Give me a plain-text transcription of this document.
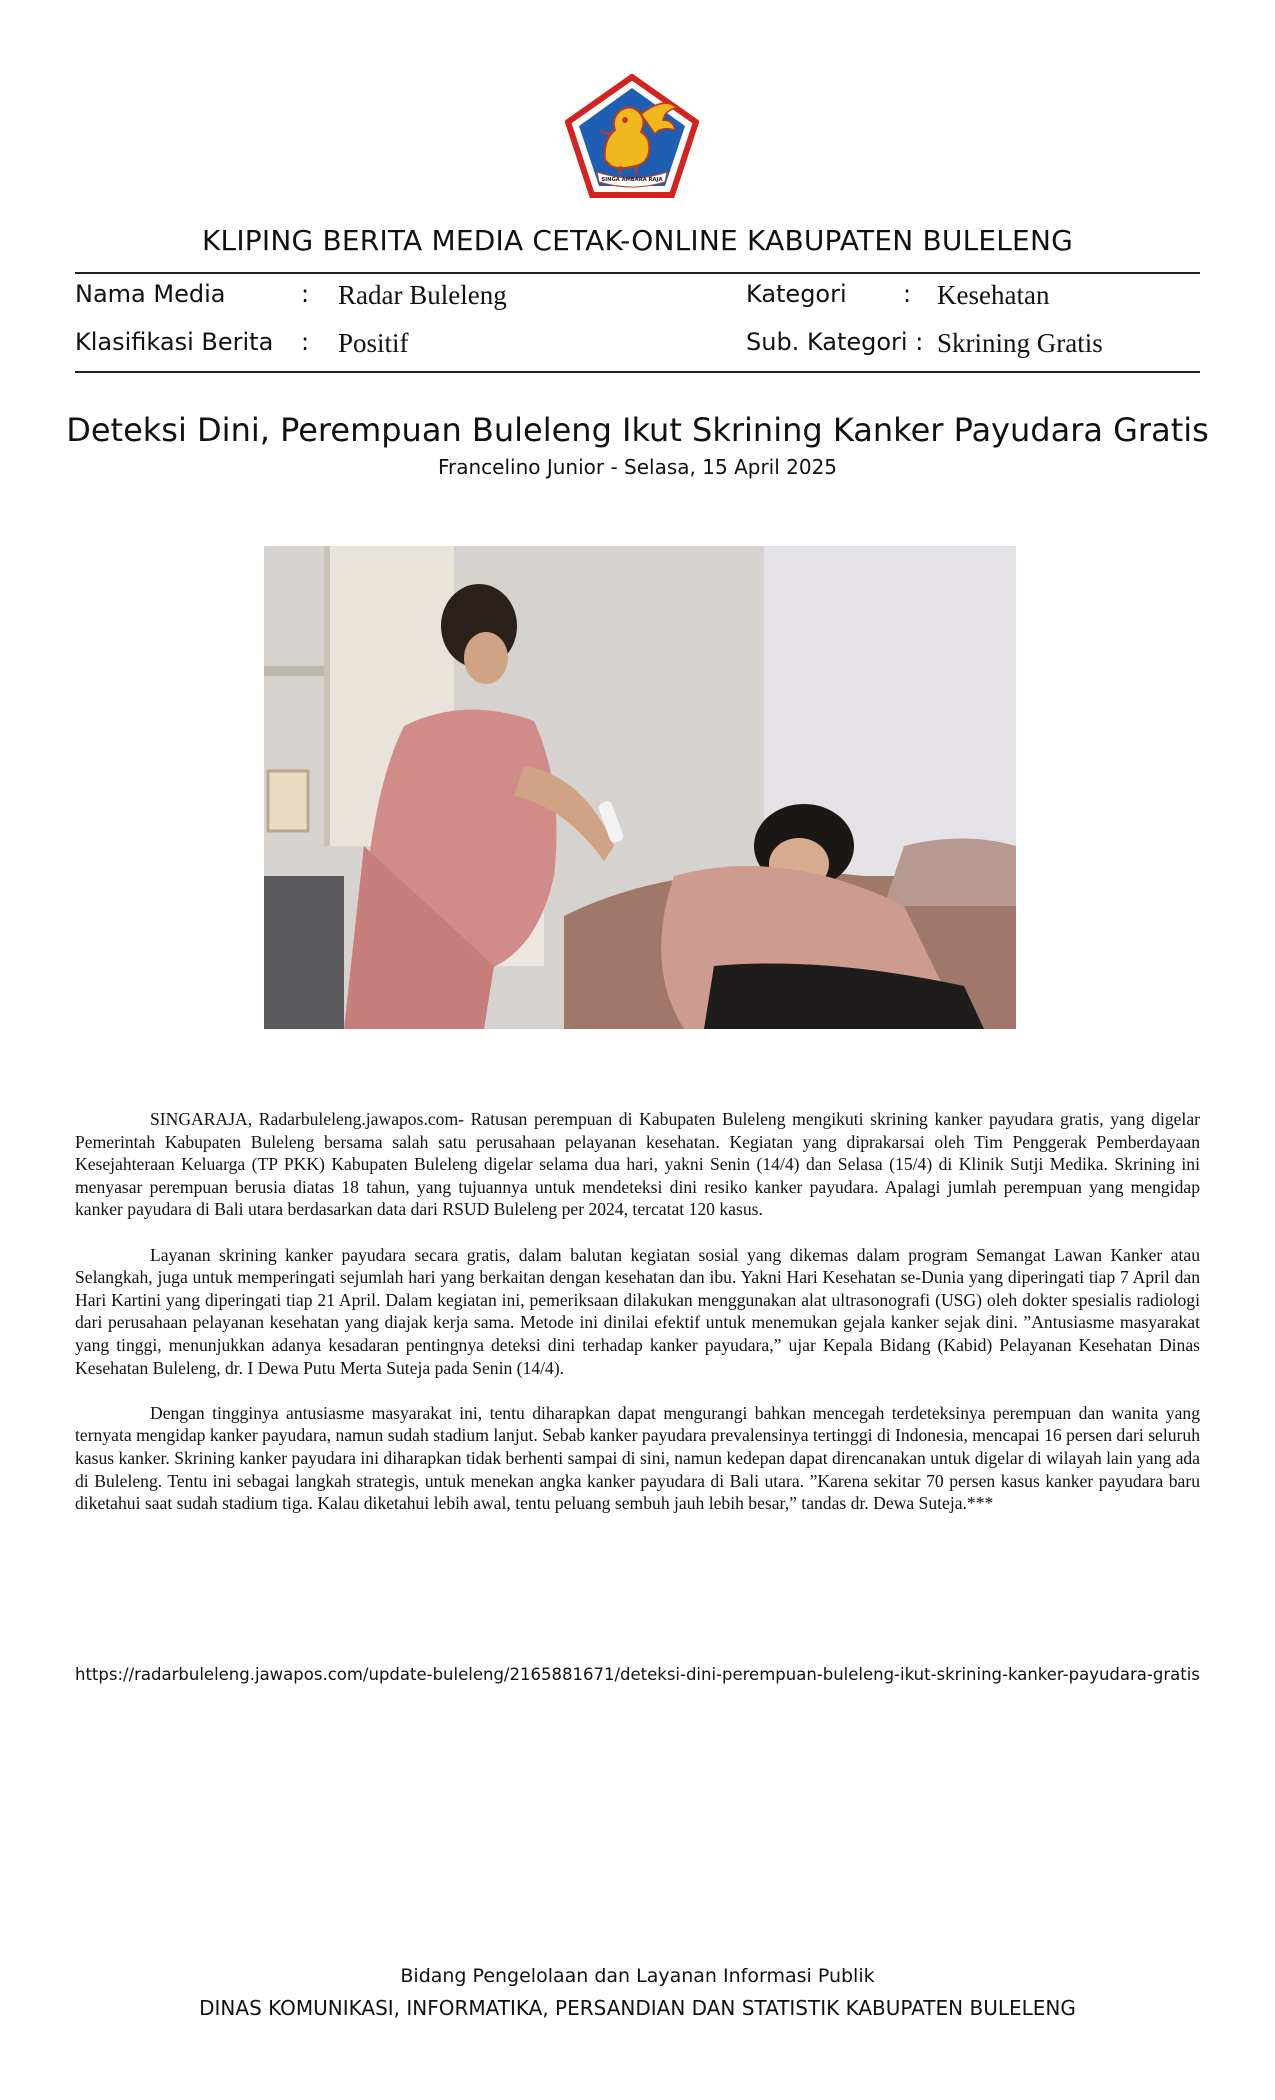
SINGA AMBARA RAJA
KLIPING BERITA MEDIA CETAK-ONLINE KABUPATEN BULELENG
Nama Media	: Radar Buleleng	Kategori : Kesehatan
Klasifikasi Berita : Positif	Sub. Kategori : Skrining Gratis
Deteksi Dini, Perempuan Buleleng Ikut Skrining Kanker Payudara Gratis
Francelino Junior - Selasa, 15 April 2025

SINGARAJA, Radarbuleleng.jawapos.com- Ratusan perempuan di Kabupaten Buleleng mengikuti skrining kanker payudara gratis, yang digelar Pemerintah Kabupaten Buleleng bersama salah satu perusahaan pelayanan kesehatan. Kegiatan yang diprakarsai oleh Tim Penggerak Pemberdayaan Kesejahteraan Keluarga (TP PKK) Kabupaten Buleleng digelar selama dua hari, yakni Senin (14/4) dan Selasa (15/4) di Klinik Sutji Medika. Skrining ini menyasar perempuan berusia diatas 18 tahun, yang tujuannya untuk mendeteksi dini resiko kanker payudara. Apalagi jumlah perempuan yang mengidap kanker payudara di Bali utara berdasarkan data dari RSUD Buleleng per 2024, tercatat 120 kasus.

Layanan skrining kanker payudara secara gratis, dalam balutan kegiatan sosial yang dikemas dalam program Semangat Lawan Kanker atau Selangkah, juga untuk memperingati sejumlah hari yang berkaitan dengan kesehatan dan ibu. Yakni Hari Kesehatan se-Dunia yang diperingati tiap 7 April dan Hari Kartini yang diperingati tiap 21 April. Dalam kegiatan ini, pemeriksaan dilakukan menggunakan alat ultrasonografi (USG) oleh dokter spesialis radiologi dari perusahaan pelayanan kesehatan yang diajak kerja sama. Metode ini dinilai efektif untuk menemukan gejala kanker sejak dini. ”Antusiasme masyarakat yang tinggi, menunjukkan adanya kesadaran pentingnya deteksi dini terhadap kanker payudara,” ujar Kepala Bidang (Kabid) Pelayanan Kesehatan Dinas Kesehatan Buleleng, dr. I Dewa Putu Merta Suteja pada Senin (14/4).

Dengan tingginya antusiasme masyarakat ini, tentu diharapkan dapat mengurangi bahkan mencegah terdeteksinya perempuan dan wanita yang ternyata mengidap kanker payudara, namun sudah stadium lanjut. Sebab kanker payudara prevalensinya tertinggi di Indonesia, mencapai 16 persen dari seluruh kasus kanker. Skrining kanker payudara ini diharapkan tidak berhenti sampai di sini, namun kedepan dapat direncanakan untuk digelar di wilayah lain yang ada di Buleleng. Tentu ini sebagai langkah strategis, untuk menekan angka kanker payudara di Bali utara. ”Karena sekitar 70 persen kasus kanker payudara baru diketahui saat sudah stadium tiga. Kalau diketahui lebih awal, tentu peluang sembuh jauh lebih besar,” tandas dr. Dewa Suteja.***

https://radarbuleleng.jawapos.com/update-buleleng/2165881671/deteksi-dini-perempuan-buleleng-ikut-skrining-kanker-payudara-gratis
Bidang Pengelolaan dan Layanan Informasi Publik
DINAS KOMUNIKASI, INFORMATIKA, PERSANDIAN DAN STATISTIK KABUPATEN BULELENG
